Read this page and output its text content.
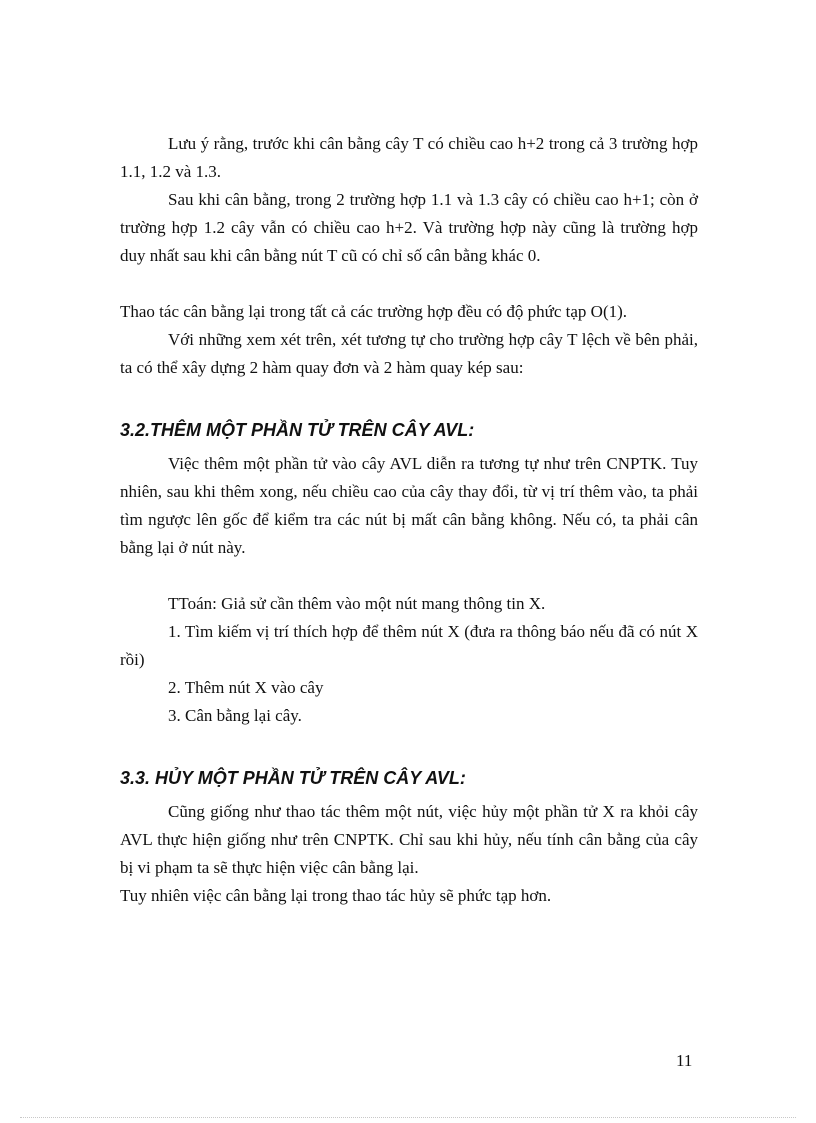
Lưu ý rằng, trước khi cân bằng cây T có chiều cao h+2 trong cả 3 trường hợp 1.1, 1.2 và 1.3.

Sau khi cân bằng, trong 2 trường hợp 1.1 và 1.3 cây có chiều cao h+1; còn ở trường hợp 1.2 cây vẫn có chiều cao h+2. Và trường hợp này cũng là trường hợp duy nhất sau khi cân bằng nút T cũ có chỉ số cân bằng khác 0.

Thao tác cân bằng lại trong tất cả các trường hợp đều có độ phức tạp O(1).

Với những xem xét trên, xét tương tự cho trường hợp cây T lệch về bên phải, ta có thể xây dựng 2 hàm quay đơn và 2 hàm quay kép sau:

3.2.THÊM MỘT PHẦN TỬ TRÊN CÂY AVL:

Việc thêm một phần tử vào cây AVL diễn ra tương tự như trên CNPTK. Tuy nhiên, sau khi thêm xong, nếu chiều cao của cây thay đổi, từ vị trí thêm vào, ta phải tìm ngược lên gốc để kiểm tra các nút bị mất cân bằng không. Nếu có, ta phải cân bằng lại ở nút này.

TToán: Giả sử cần thêm vào một nút mang thông tin X.

1. Tìm kiếm vị trí thích hợp để thêm nút X (đưa ra thông báo nếu đã có nút X rồi)

2. Thêm nút X vào cây

3. Cân bằng lại cây.

3.3. HỦY MỘT PHẦN TỬ TRÊN CÂY AVL:

Cũng giống như thao tác thêm một nút, việc hủy một phần tử X ra khỏi cây AVL thực hiện giống như trên CNPTK. Chỉ sau khi hủy, nếu tính cân bằng của cây bị vi phạm ta sẽ thực hiện việc cân bằng lại.

Tuy nhiên việc cân bằng lại trong thao tác hủy sẽ phức tạp hơn.

11
